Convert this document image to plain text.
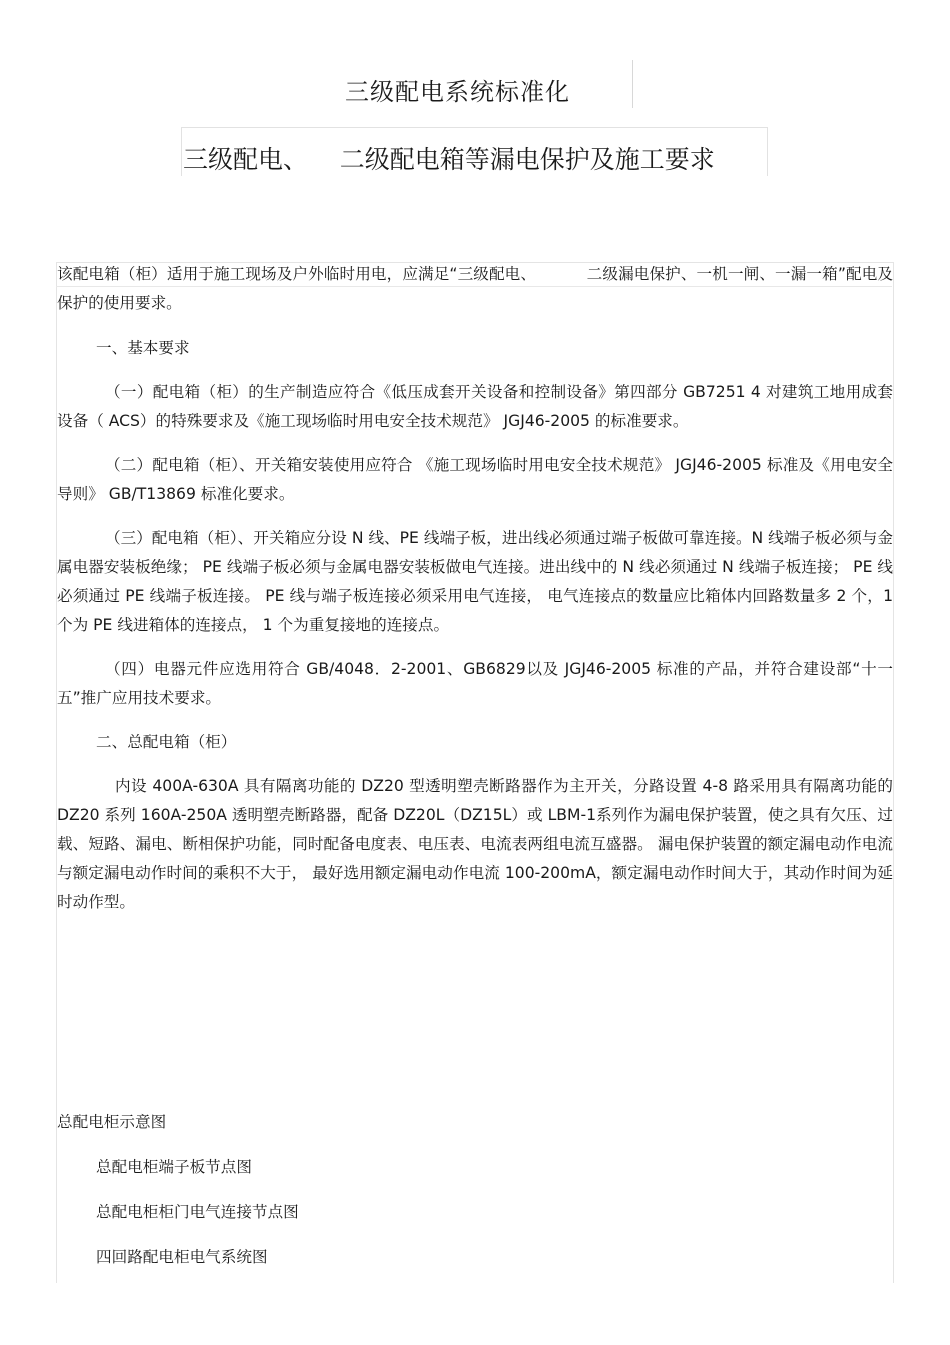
三级配电系统标准化
三级配电、    二级配电箱等漏电保护及施工要求

该配电箱（柜）适用于施工现场及户外临时用电，应满足“三级配电、          二级漏电保护、一机一闸、一漏一箱”配电及保护的使用要求。

一、基本要求

（一）配电箱（柜）的生产制造应符合《低压成套开关设备和控制设备》第四部分 GB7251 4 对建筑工地用成套设备（ ACS）的特殊要求及《施工现场临时用电安全技术规范》 JGJ46-2005 的标准要求。

（二）配电箱（柜）、开关箱安装使用应符合 《施工现场临时用电安全技术规范》 JGJ46-2005 标准及《用电安全导则》 GB/T13869 标准化要求。

（三）配电箱（柜）、开关箱应分设 N 线、PE 线端子板，进出线必须通过端子板做可靠连接。N 线端子板必须与金属电器安装板绝缘； PE 线端子板必须与金属电器安装板做电气连接。进出线中的 N 线必须通过 N 线端子板连接； PE 线必须通过 PE 线端子板连接。 PE 线与端子板连接必须采用电气连接， 电气连接点的数量应比箱体内回路数量多 2 个，1 个为 PE 线进箱体的连接点， 1 个为重复接地的连接点。

（四）电器元件应选用符合 GB/4048．2-2001、GB6829以及 JGJ46-2005 标准的产品，并符合建设部“十一五”推广应用技术要求。

二、总配电箱（柜）

内设 400A-630A 具有隔离功能的 DZ20 型透明塑壳断路器作为主开关，分路设置 4-8 路采用具有隔离功能的 DZ20 系列 160A-250A 透明塑壳断路器，配备 DZ20L（DZ15L）或 LBM-1系列作为漏电保护装置，使之具有欠压、过载、短路、漏电、断相保护功能，同时配备电度表、电压表、电流表两组电流互盛器。 漏电保护装置的额定漏电动作电流与额定漏电动作时间的乘积不大于， 最好选用额定漏电动作电流 100-200mA，额定漏电动作时间大于，其动作时间为延时动作型。

总配电柜示意图
总配电柜端子板节点图
总配电柜柜门电气连接节点图
四回路配电柜电气系统图
